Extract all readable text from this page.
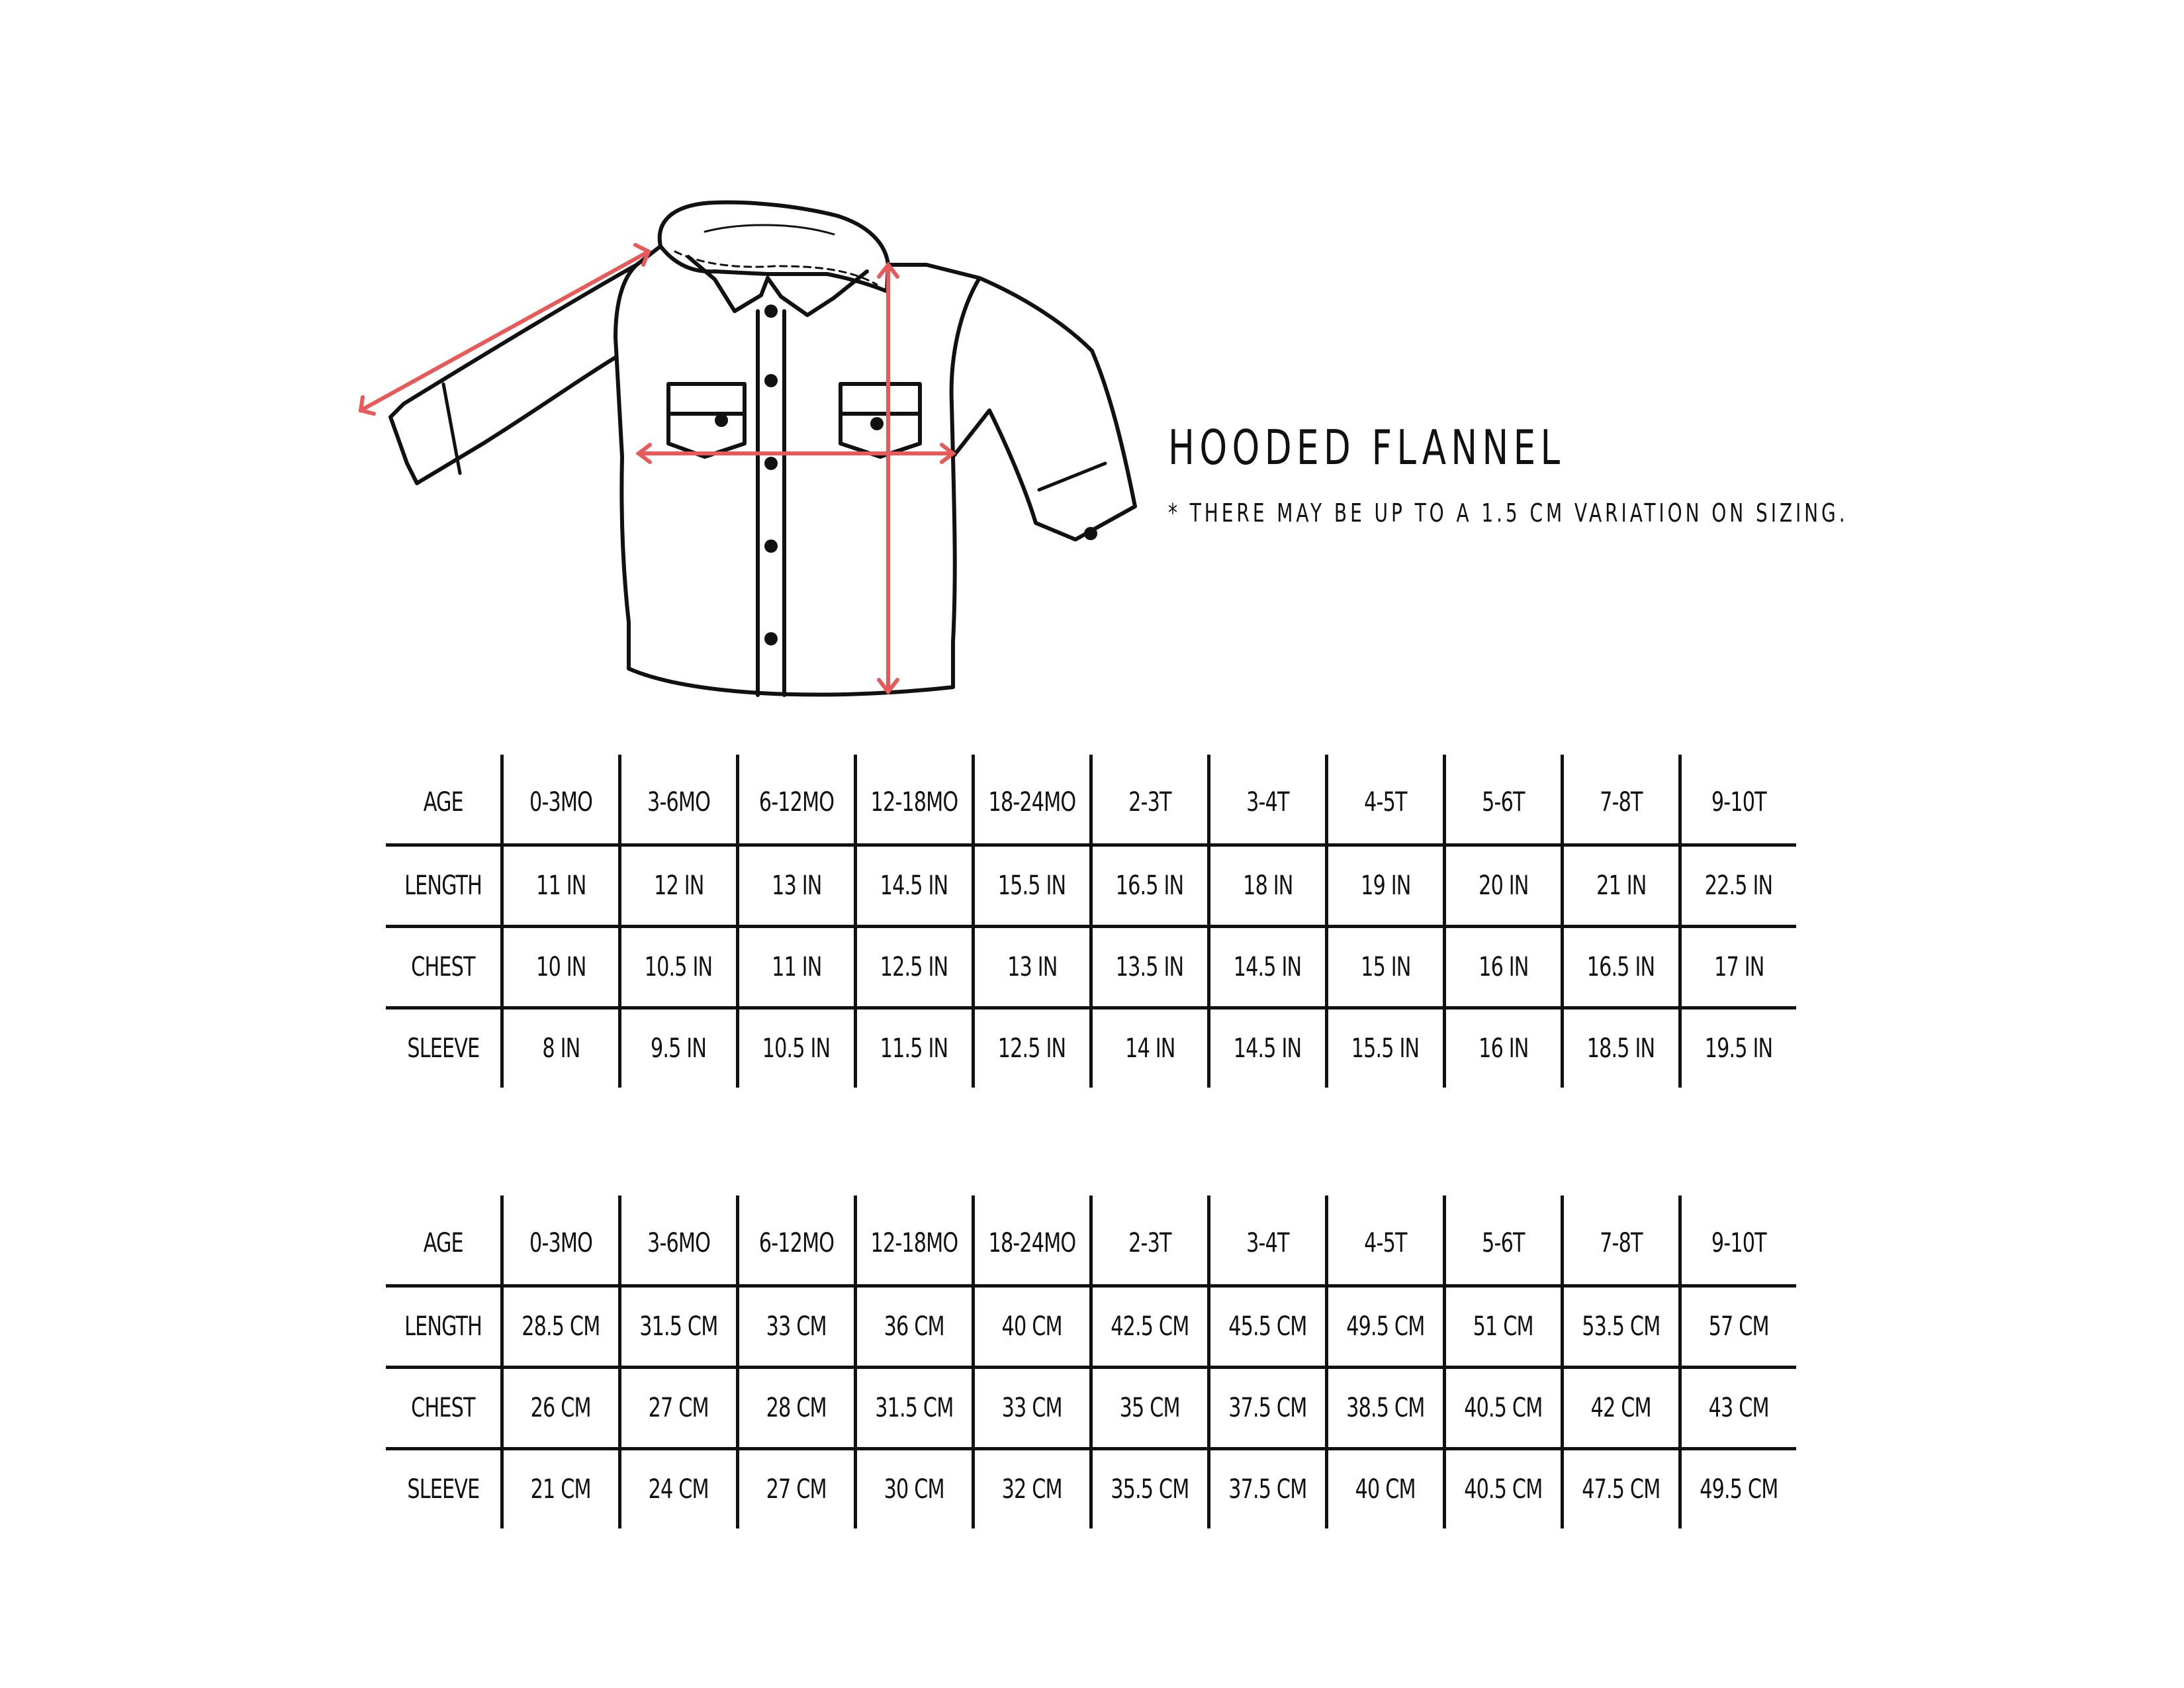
HOODED FLANNEL
* THERE MAY BE UP TO A 1.5 CM VARIATION ON SIZING.
AGE	0-3MO	3-6MO	6-12MO	12-18MO	18-24MO	2-3T	3-4T	4-5T	5-6T	7-8T	9-10T
LENGTH	11 IN	12 IN	13 IN	14.5 IN	15.5 IN	16.5 IN	18 IN	19 IN	20 IN	21 IN	22.5 IN
CHEST	10 IN	10.5 IN	11 IN	12.5 IN	13 IN	13.5 IN	14.5 IN	15 IN	16 IN	16.5 IN	17 IN
SLEEVE	8 IN	9.5 IN	10.5 IN	11.5 IN	12.5 IN	14 IN	14.5 IN	15.5 IN	16 IN	18.5 IN	19.5 IN
AGE	0-3MO	3-6MO	6-12MO	12-18MO	18-24MO	2-3T	3-4T	4-5T	5-6T	7-8T	9-10T
LENGTH	28.5 CM	31.5 CM	33 CM	36 CM	40 CM	42.5 CM	45.5 CM	49.5 CM	51 CM	53.5 CM	57 CM
CHEST	26 CM	27 CM	28 CM	31.5 CM	33 CM	35 CM	37.5 CM	38.5 CM	40.5 CM	42 CM	43 CM
SLEEVE	21 CM	24 CM	27 CM	30 CM	32 CM	35.5 CM	37.5 CM	40 CM	40.5 CM	47.5 CM	49.5 CM
